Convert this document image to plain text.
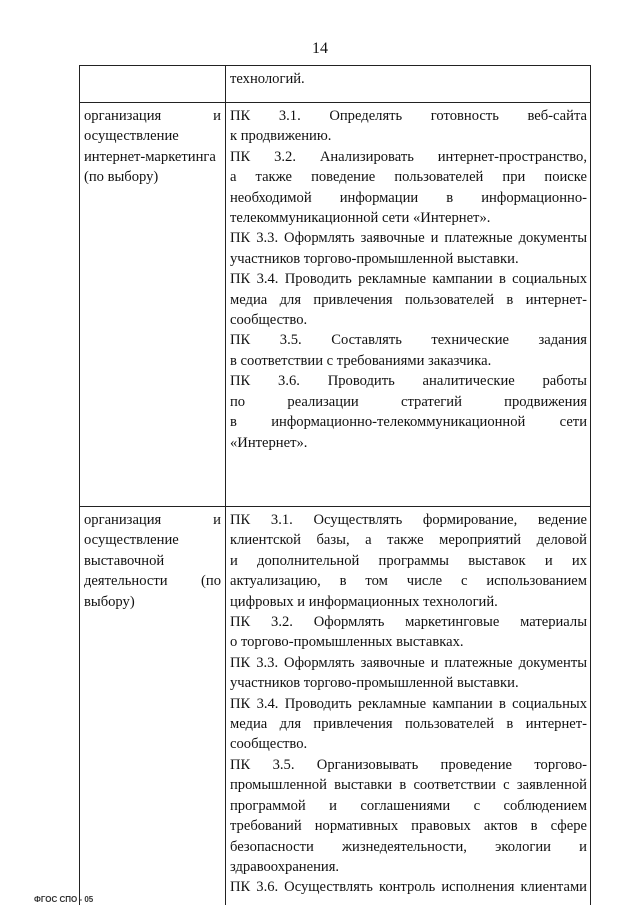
14
технологий.
организация и
осуществление
интернет-маркетинга
(по выбору)
ПК 3.1. Определять готовность веб-сайта
к продвижению.
ПК 3.2. Анализировать интернет-пространство,
а также поведение пользователей при поиске
необходимой информации в информационно-
телекоммуникационной сети «Интернет».
ПК 3.3. Оформлять заявочные и платежные документы
участников торгово-промышленной выставки.
ПК 3.4. Проводить рекламные кампании в социальных
медиа для привлечения пользователей в интернет-
сообщество.
ПК 3.5. Составлять технические задания
в соответствии с требованиями заказчика.
ПК 3.6. Проводить аналитические работы
по реализации стратегий продвижения
в информационно-телекоммуникационной сети
«Интернет».
организация и
осуществление
выставочной
деятельности (по
выбору)
ПК 3.1. Осуществлять формирование, ведение
клиентской базы, а также мероприятий деловой
и дополнительной программы выставок и их
актуализацию, в том числе с использованием
цифровых и информационных технологий.
ПК 3.2. Оформлять маркетинговые материалы
о торгово-промышленных выставках.
ПК 3.3. Оформлять заявочные и платежные документы
участников торгово-промышленной выставки.
ПК 3.4. Проводить рекламные кампании в социальных
медиа для привлечения пользователей в интернет-
сообщество.
ПК 3.5. Организовывать проведение торгово-
промышленной выставки в соответствии с заявленной
программой и соглашениями с соблюдением
требований нормативных правовых актов в сфере
безопасности жизнедеятельности, экологии и
здравоохранения.
ПК 3.6. Осуществлять контроль исполнения клиентами
ФГОС СПО - 05
